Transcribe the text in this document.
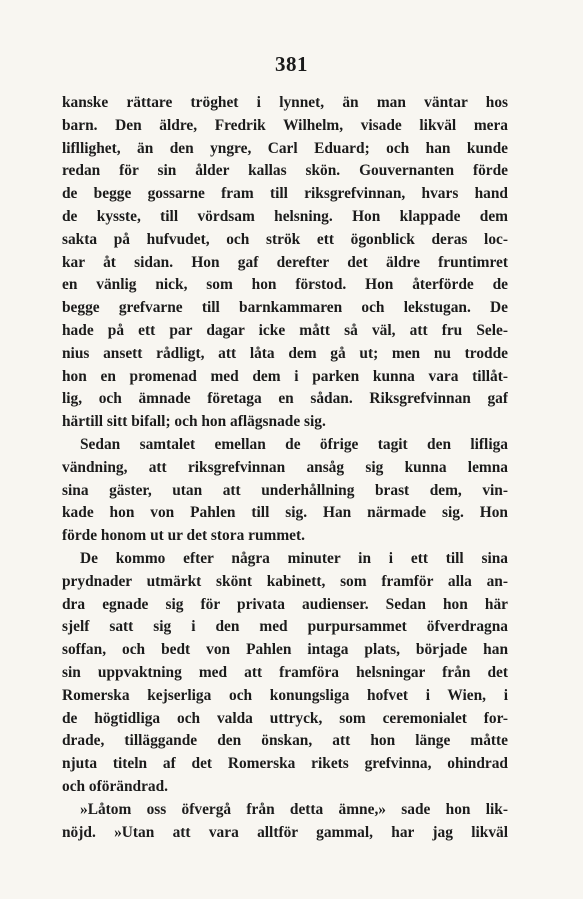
381
kanske rättare tröghet i lynnet, än man väntar hos
barn. Den äldre, Fredrik Wilhelm, visade likväl mera
lifllighet, än den yngre, Carl Eduard; och han kunde
redan för sin ålder kallas skön. Gouvernanten förde
de begge gossarne fram till riksgrefvinnan, hvars hand
de kysste, till vördsam helsning. Hon klappade dem
sakta på hufvudet, och strök ett ögonblick deras loc-
kar åt sidan. Hon gaf derefter det äldre fruntimret
en vänlig nick, som hon förstod. Hon återförde de
begge grefvarne till barnkammaren och lekstugan. De
hade på ett par dagar icke mått så väl, att fru Sele-
nius ansett rådligt, att låta dem gå ut; men nu trodde
hon en promenad med dem i parken kunna vara tillåt-
lig, och ämnade företaga en sådan. Riksgrefvinnan gaf
härtill sitt bifall; och hon aflägsnade sig.
Sedan samtalet emellan de öfrige tagit den lifliga
vändning, att riksgrefvinnan ansåg sig kunna lemna
sina gäster, utan att underhållning brast dem, vin-
kade hon von Pahlen till sig. Han närmade sig. Hon
förde honom ut ur det stora rummet.
De kommo efter några minuter in i ett till sina
prydnader utmärkt skönt kabinett, som framför alla an-
dra egnade sig för privata audienser. Sedan hon här
sjelf satt sig i den med purpursammet öfverdragna
soffan, och bedt von Pahlen intaga plats, började han
sin uppvaktning med att framföra helsningar från det
Romerska kejserliga och konungsliga hofvet i Wien, i
de högtidliga och valda uttryck, som ceremonialet for-
drade, tilläggande den önskan, att hon länge måtte
njuta titeln af det Romerska rikets grefvinna, ohindrad
och oförändrad.
»Låtom oss öfvergå från detta ämne,» sade hon lik-
nöjd. »Utan att vara alltför gammal, har jag likväl
